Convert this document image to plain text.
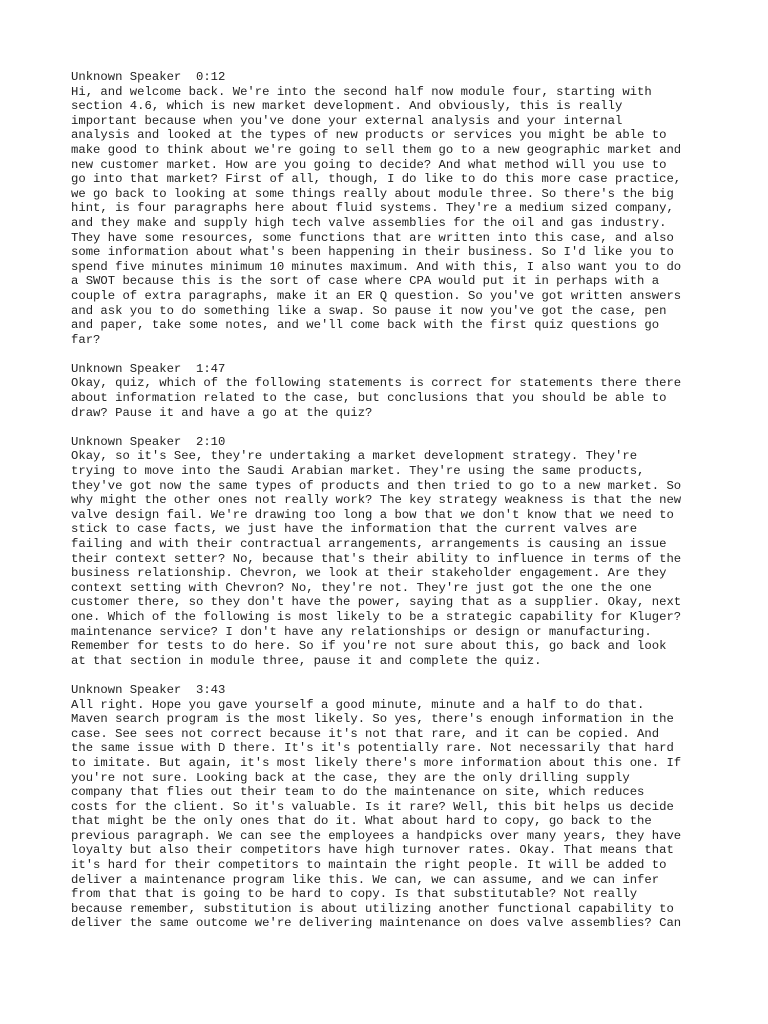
Unknown Speaker 0:12
Hi, and welcome back. We're into the second half now module four, starting with
section 4.6, which is new market development. And obviously, this is really
important because when you've done your external analysis and your internal
analysis and looked at the types of new products or services you might be able to
make good to think about we're going to sell them go to a new geographic market and
new customer market. How are you going to decide? And what method will you use to
go into that market? First of all, though, I do like to do this more case practice,
we go back to looking at some things really about module three. So there's the big
hint, is four paragraphs here about fluid systems. They're a medium sized company,
and they make and supply high tech valve assemblies for the oil and gas industry.
They have some resources, some functions that are written into this case, and also
some information about what's been happening in their business. So I'd like you to
spend five minutes minimum 10 minutes maximum. And with this, I also want you to do
a SWOT because this is the sort of case where CPA would put it in perhaps with a
couple of extra paragraphs, make it an ER Q question. So you've got written answers
and ask you to do something like a swap. So pause it now you've got the case, pen
and paper, take some notes, and we'll come back with the first quiz questions go
far?
Unknown Speaker 1:47
Okay, quiz, which of the following statements is correct for statements there there
about information related to the case, but conclusions that you should be able to
draw? Pause it and have a go at the quiz?
Unknown Speaker 2:10
Okay, so it's See, they're undertaking a market development strategy. They're
trying to move into the Saudi Arabian market. They're using the same products,
they've got now the same types of products and then tried to go to a new market. So
why might the other ones not really work? The key strategy weakness is that the new
valve design fail. We're drawing too long a bow that we don't know that we need to
stick to case facts, we just have the information that the current valves are
failing and with their contractual arrangements, arrangements is causing an issue
their context setter? No, because that's their ability to influence in terms of the
business relationship. Chevron, we look at their stakeholder engagement. Are they
context setting with Chevron? No, they're not. They're just got the one the one
customer there, so they don't have the power, saying that as a supplier. Okay, next
one. Which of the following is most likely to be a strategic capability for Kluger?
maintenance service? I don't have any relationships or design or manufacturing.
Remember for tests to do here. So if you're not sure about this, go back and look
at that section in module three, pause it and complete the quiz.
Unknown Speaker 3:43
All right. Hope you gave yourself a good minute, minute and a half to do that.
Maven search program is the most likely. So yes, there's enough information in the
case. See sees not correct because it's not that rare, and it can be copied. And
the same issue with D there. It's it's potentially rare. Not necessarily that hard
to imitate. But again, it's most likely there's more information about this one. If
you're not sure. Looking back at the case, they are the only drilling supply
company that flies out their team to do the maintenance on site, which reduces
costs for the client. So it's valuable. Is it rare? Well, this bit helps us decide
that might be the only ones that do it. What about hard to copy, go back to the
previous paragraph. We can see the employees a handpicks over many years, they have
loyalty but also their competitors have high turnover rates. Okay. That means that
it's hard for their competitors to maintain the right people. It will be added to
deliver a maintenance program like this. We can, we can assume, and we can infer
from that that is going to be hard to copy. Is that substitutable? Not really
because remember, substitution is about utilizing another functional capability to
deliver the same outcome we're delivering maintenance on does valve assemblies? Can
